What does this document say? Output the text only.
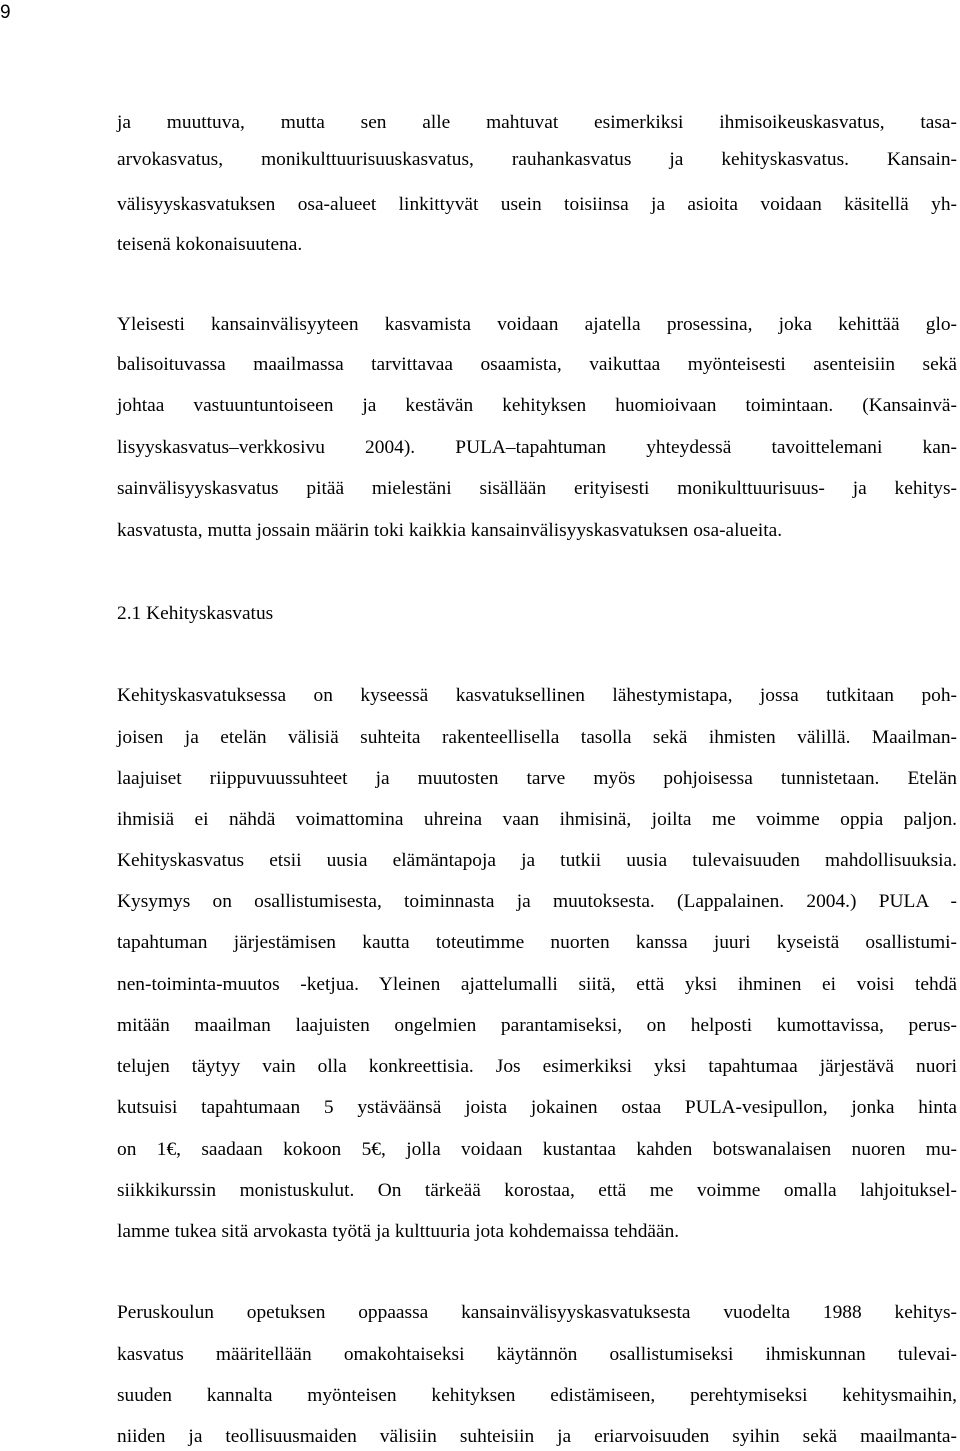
9
ja muuttuva, mutta sen alle mahtuvat esimerkiksi ihmisoikeuskasvatus, tasa-
arvokasvatus, monikulttuurisuuskasvatus, rauhankasvatus ja kehityskasvatus. Kansain-
välisyyskasvatuksen osa-alueet linkittyvät usein toisiinsa ja asioita voidaan käsitellä yh-
teisenä kokonaisuutena.
Yleisesti kansainvälisyyteen kasvamista voidaan ajatella prosessina, joka kehittää glo-
balisoituvassa maailmassa tarvittavaa osaamista, vaikuttaa myönteisesti asenteisiin sekä
johtaa vastuuntuntoiseen ja kestävän kehityksen huomioivaan toimintaan. (Kansainvä-
lisyyskasvatus–verkkosivu 2004). PULA–tapahtuman yhteydessä tavoittelemani kan-
sainvälisyyskasvatus pitää mielestäni sisällään erityisesti monikulttuurisuus- ja kehitys-
kasvatusta, mutta jossain määrin toki kaikkia kansainvälisyyskasvatuksen osa-alueita.
2.1 Kehityskasvatus
Kehityskasvatuksessa on kyseessä kasvatuksellinen lähestymistapa, jossa tutkitaan poh-
joisen ja etelän välisiä suhteita rakenteellisella tasolla sekä ihmisten välillä. Maailman-
laajuiset riippuvuussuhteet ja muutosten tarve myös pohjoisessa tunnistetaan. Etelän
ihmisiä ei nähdä voimattomina uhreina vaan ihmisinä, joilta me voimme oppia paljon.
Kehityskasvatus etsii uusia elämäntapoja ja tutkii uusia tulevaisuuden mahdollisuuksia.
Kysymys on osallistumisesta, toiminnasta ja muutoksesta. (Lappalainen. 2004.) PULA -
tapahtuman järjestämisen kautta toteutimme nuorten kanssa juuri kyseistä osallistumi-
nen-toiminta-muutos -ketjua. Yleinen ajattelumalli siitä, että yksi ihminen ei voisi tehdä
mitään maailman laajuisten ongelmien parantamiseksi, on helposti kumottavissa, perus-
telujen täytyy vain olla konkreettisia. Jos esimerkiksi yksi tapahtumaa järjestävä nuori
kutsuisi tapahtumaan 5 ystäväänsä joista jokainen ostaa PULA-vesipullon, jonka hinta
on 1€, saadaan kokoon 5€, jolla voidaan kustantaa kahden botswanalaisen nuoren mu-
siikkikurssin monistuskulut. On tärkeää korostaa, että me voimme omalla lahjoituksel-
lamme tukea sitä arvokasta työtä ja kulttuuria jota kohdemaissa tehdään.
Peruskoulun opetuksen oppaassa kansainvälisyyskasvatuksesta vuodelta 1988 kehitys-
kasvatus määritellään omakohtaiseksi käytännön osallistumiseksi ihmiskunnan tulevai-
suuden kannalta myönteisen kehityksen edistämiseen, perehtymiseksi kehitysmaihin,
niiden ja teollisuusmaiden välisiin suhteisiin ja eriarvoisuuden syihin sekä maailmanta-
